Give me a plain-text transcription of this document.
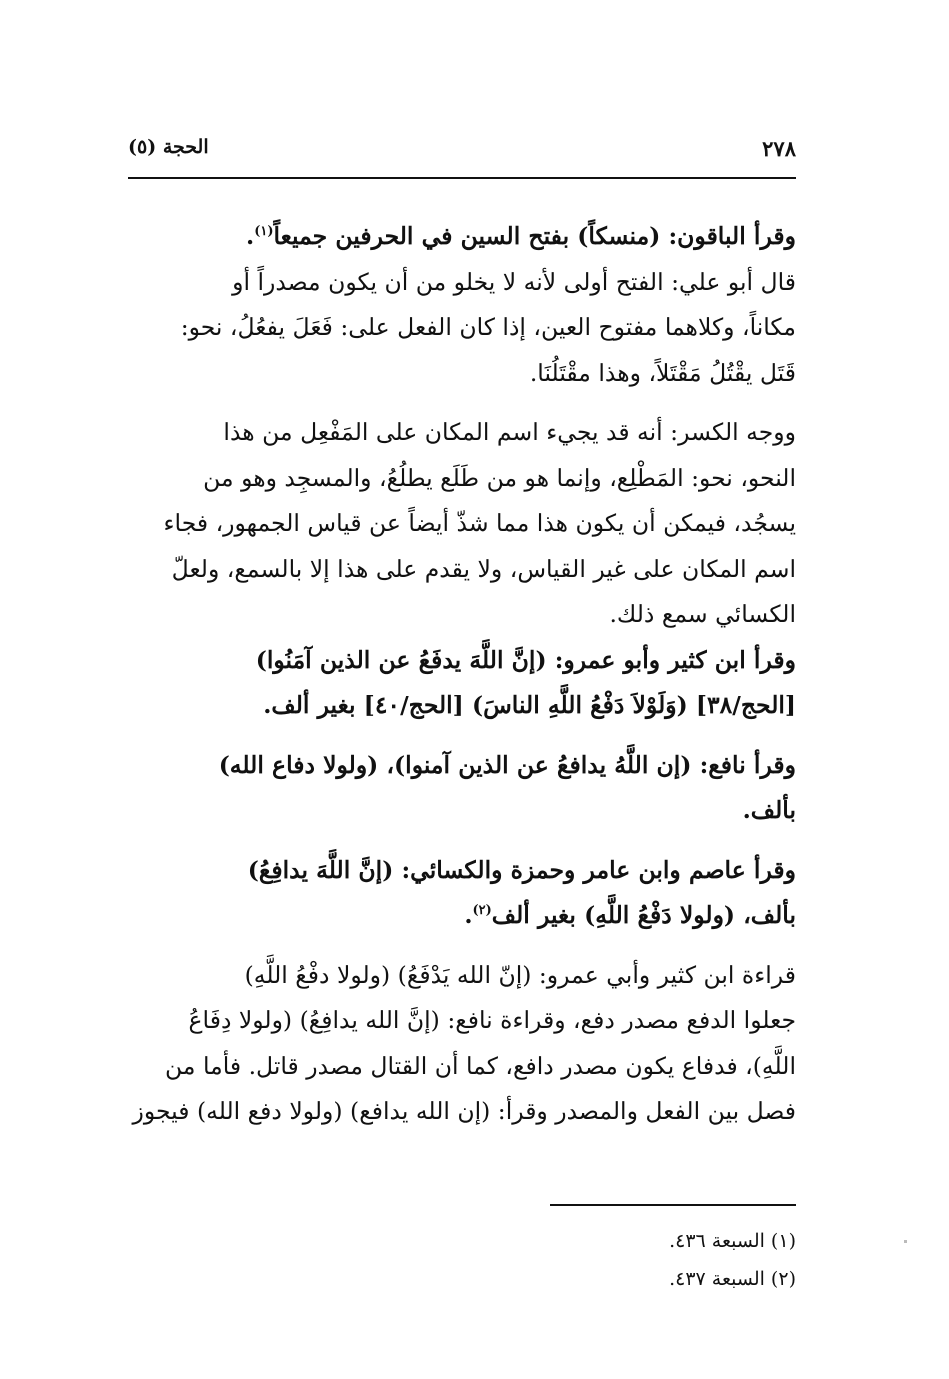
٢٧٨
الحجة (٥)
وقرأ الباقون: (منسكاً) بفتح السين في الحرفين جميعاً$^{(١)}$.
قال أبو علي: الفتح أولى لأنه لا يخلو من أن يكون مصدراً أو
مكاناً، وكلاهما مفتوح العين، إذا كان الفعل على: فَعَلَ يفعُلُ، نحو:
قَتَل يقْتُلُ مَقْتَلاً، وهذا مقْتَلُنَا.
ووجه الكسر: أنه قد يجيء اسم المكان على المَفْعِل من هذا
النحو، نحو: المَطْلِع، وإنما هو من طَلَع يطلُعُ، والمسجِد وهو من
يسجُد، فيمكن أن يكون هذا مما شذّ أيضاً عن قياس الجمهور، فجاء
اسم المكان على غير القياس، ولا يقدم على هذا إلا بالسمع، ولعلّ
الكسائي سمع ذلك.
وقرأ ابن كثير وأبو عمرو: (إنَّ اللَّهَ يدفَعُ عن الذين آمَنُوا)
[الحج/٣٨] (وَلَوْلاَ دَفْعُ اللَّهِ الناسَ) [الحج/٤٠] بغير ألف.
وقرأ نافع: (إن اللَّهُ يدافعُ عن الذين آمنوا)، (ولولا دفاع الله)
بألف.
وقرأ عاصم وابن عامر وحمزة والكسائي: (إنَّ اللَّهَ يدافِعُ)
بألف، (ولولا دَفْعُ اللَّهِ) بغير ألف$^{(٢)}$.
قراءة ابن كثير وأبي عمرو: (إنّ الله يَدْفَعُ) (ولولا دفْعُ اللَّهِ)
جعلوا الدفع مصدر دفع، وقراءة نافع: (إنَّ الله يدافِعُ) (ولولا دِفَاعُ
اللَّهِ)، فدفاع يكون مصدر دافع، كما أن القتال مصدر قاتل. فأما من
فصل بين الفعل والمصدر وقرأ: (إن الله يدافع) (ولولا دفع الله) فيجوز
(١) السبعة ٤٣٦.
(٢) السبعة ٤٣٧.
